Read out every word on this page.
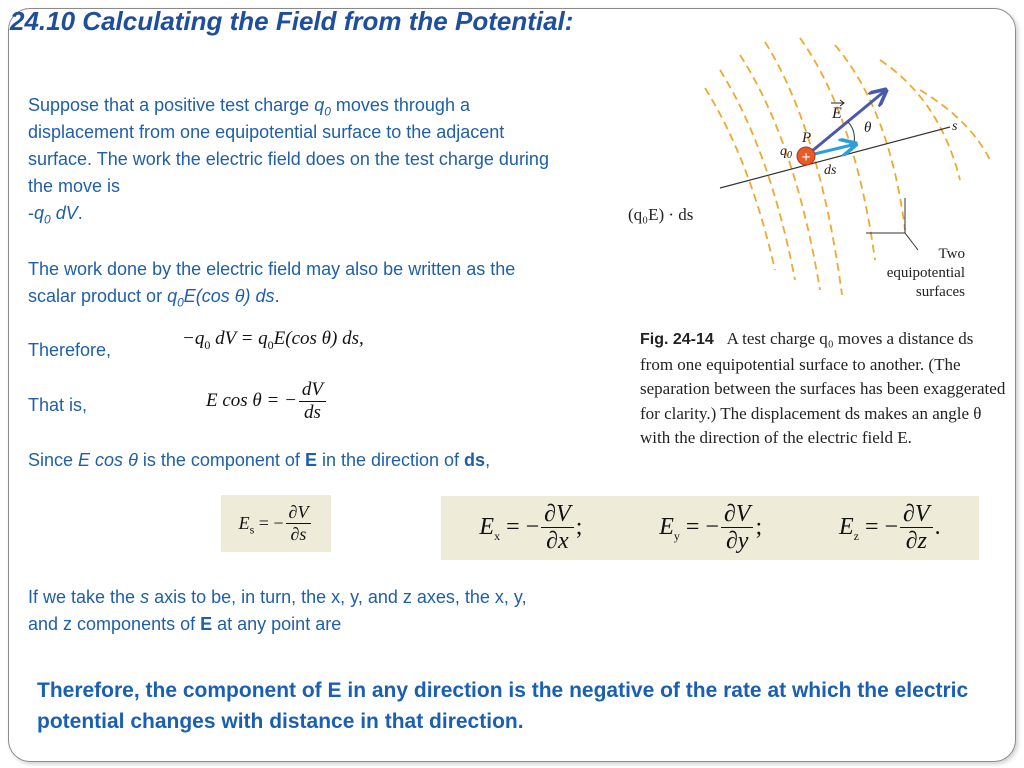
24.10 Calculating the Field from the Potential:
Suppose that a positive test charge $q_0$ moves through a displacement from one equipotential surface to the adjacent surface. The work the electric field does on the test charge during the move is
$-q_0$ dV.
The work done by the electric field may also be written as the scalar product or $q_0E(\cos$ θ) ds.
Therefore,
That is,
Since E cos θ is the component of E in the direction of ds,
If we take the s axis to be, in turn, the x, y, and z axes, the x, y, and z components of E at any point are
$-q_0$ dV = $q_0E(\cos$ θ) ds,
E cos θ = − $\frac{dV}{ds}$
$E_s$ = − $\frac{\partial V}{\partial s}$	$E_x$ = − $\frac{\partial V}{\partial x}$ ;	$E_y$ = − $\frac{\partial V}{\partial y}$ ;	$E_z$ = − $\frac{\partial V}{\partial z}$ .
+
E
θ	s
P
$q_0$
ds
(q₀E) · ds
Two
equipotential
surfaces
Fig. 24-14 A test charge q₀ moves a distance ds from one equipotential surface to another. (The separation between the surfaces has been exaggerated for clarity.) The displacement ds makes an angle θ with the direction of the electric field E.
Therefore, the component of E in any direction is the negative of the rate at which the electric potential changes with distance in that direction.
